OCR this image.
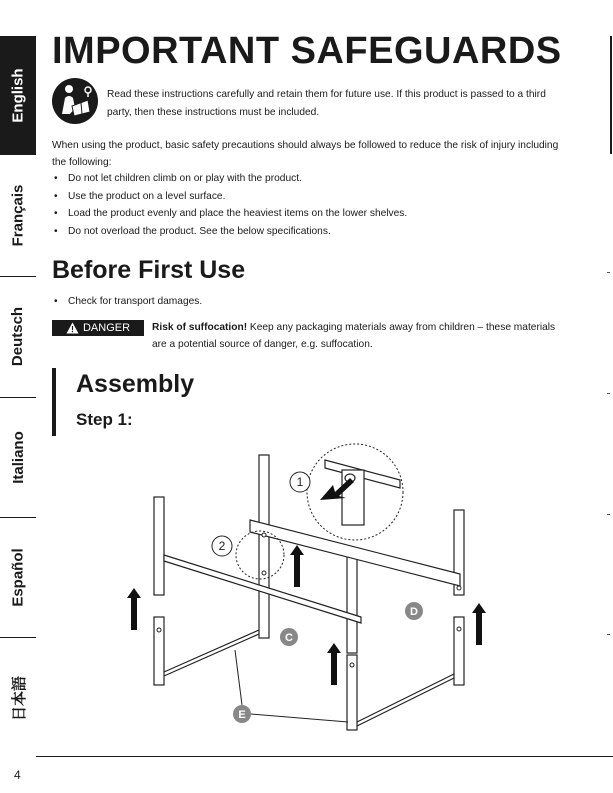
English
Français
Deutsch
Italiano
Español
日本語
IMPORTANT SAFEGUARDS
Read these instructions carefully and retain them for future use. If this product is passed to a third party, then these instructions must be included.
When using the product, basic safety precautions should always be followed to reduce the risk of injury including the following:
• Do not let children climb on or play with the product.
• Use the product on a level surface.
• Load the product evenly and place the heaviest items on the lower shelves.
• Do not overload the product. See the below specifications.
Before First Use
• Check for transport damages.
DANGER Risk of suffocation! Keep any packaging materials away from children – these materials are a potential source of danger, e.g. suffocation.
Assembly
Step 1:
1
2
C
D
E
4
